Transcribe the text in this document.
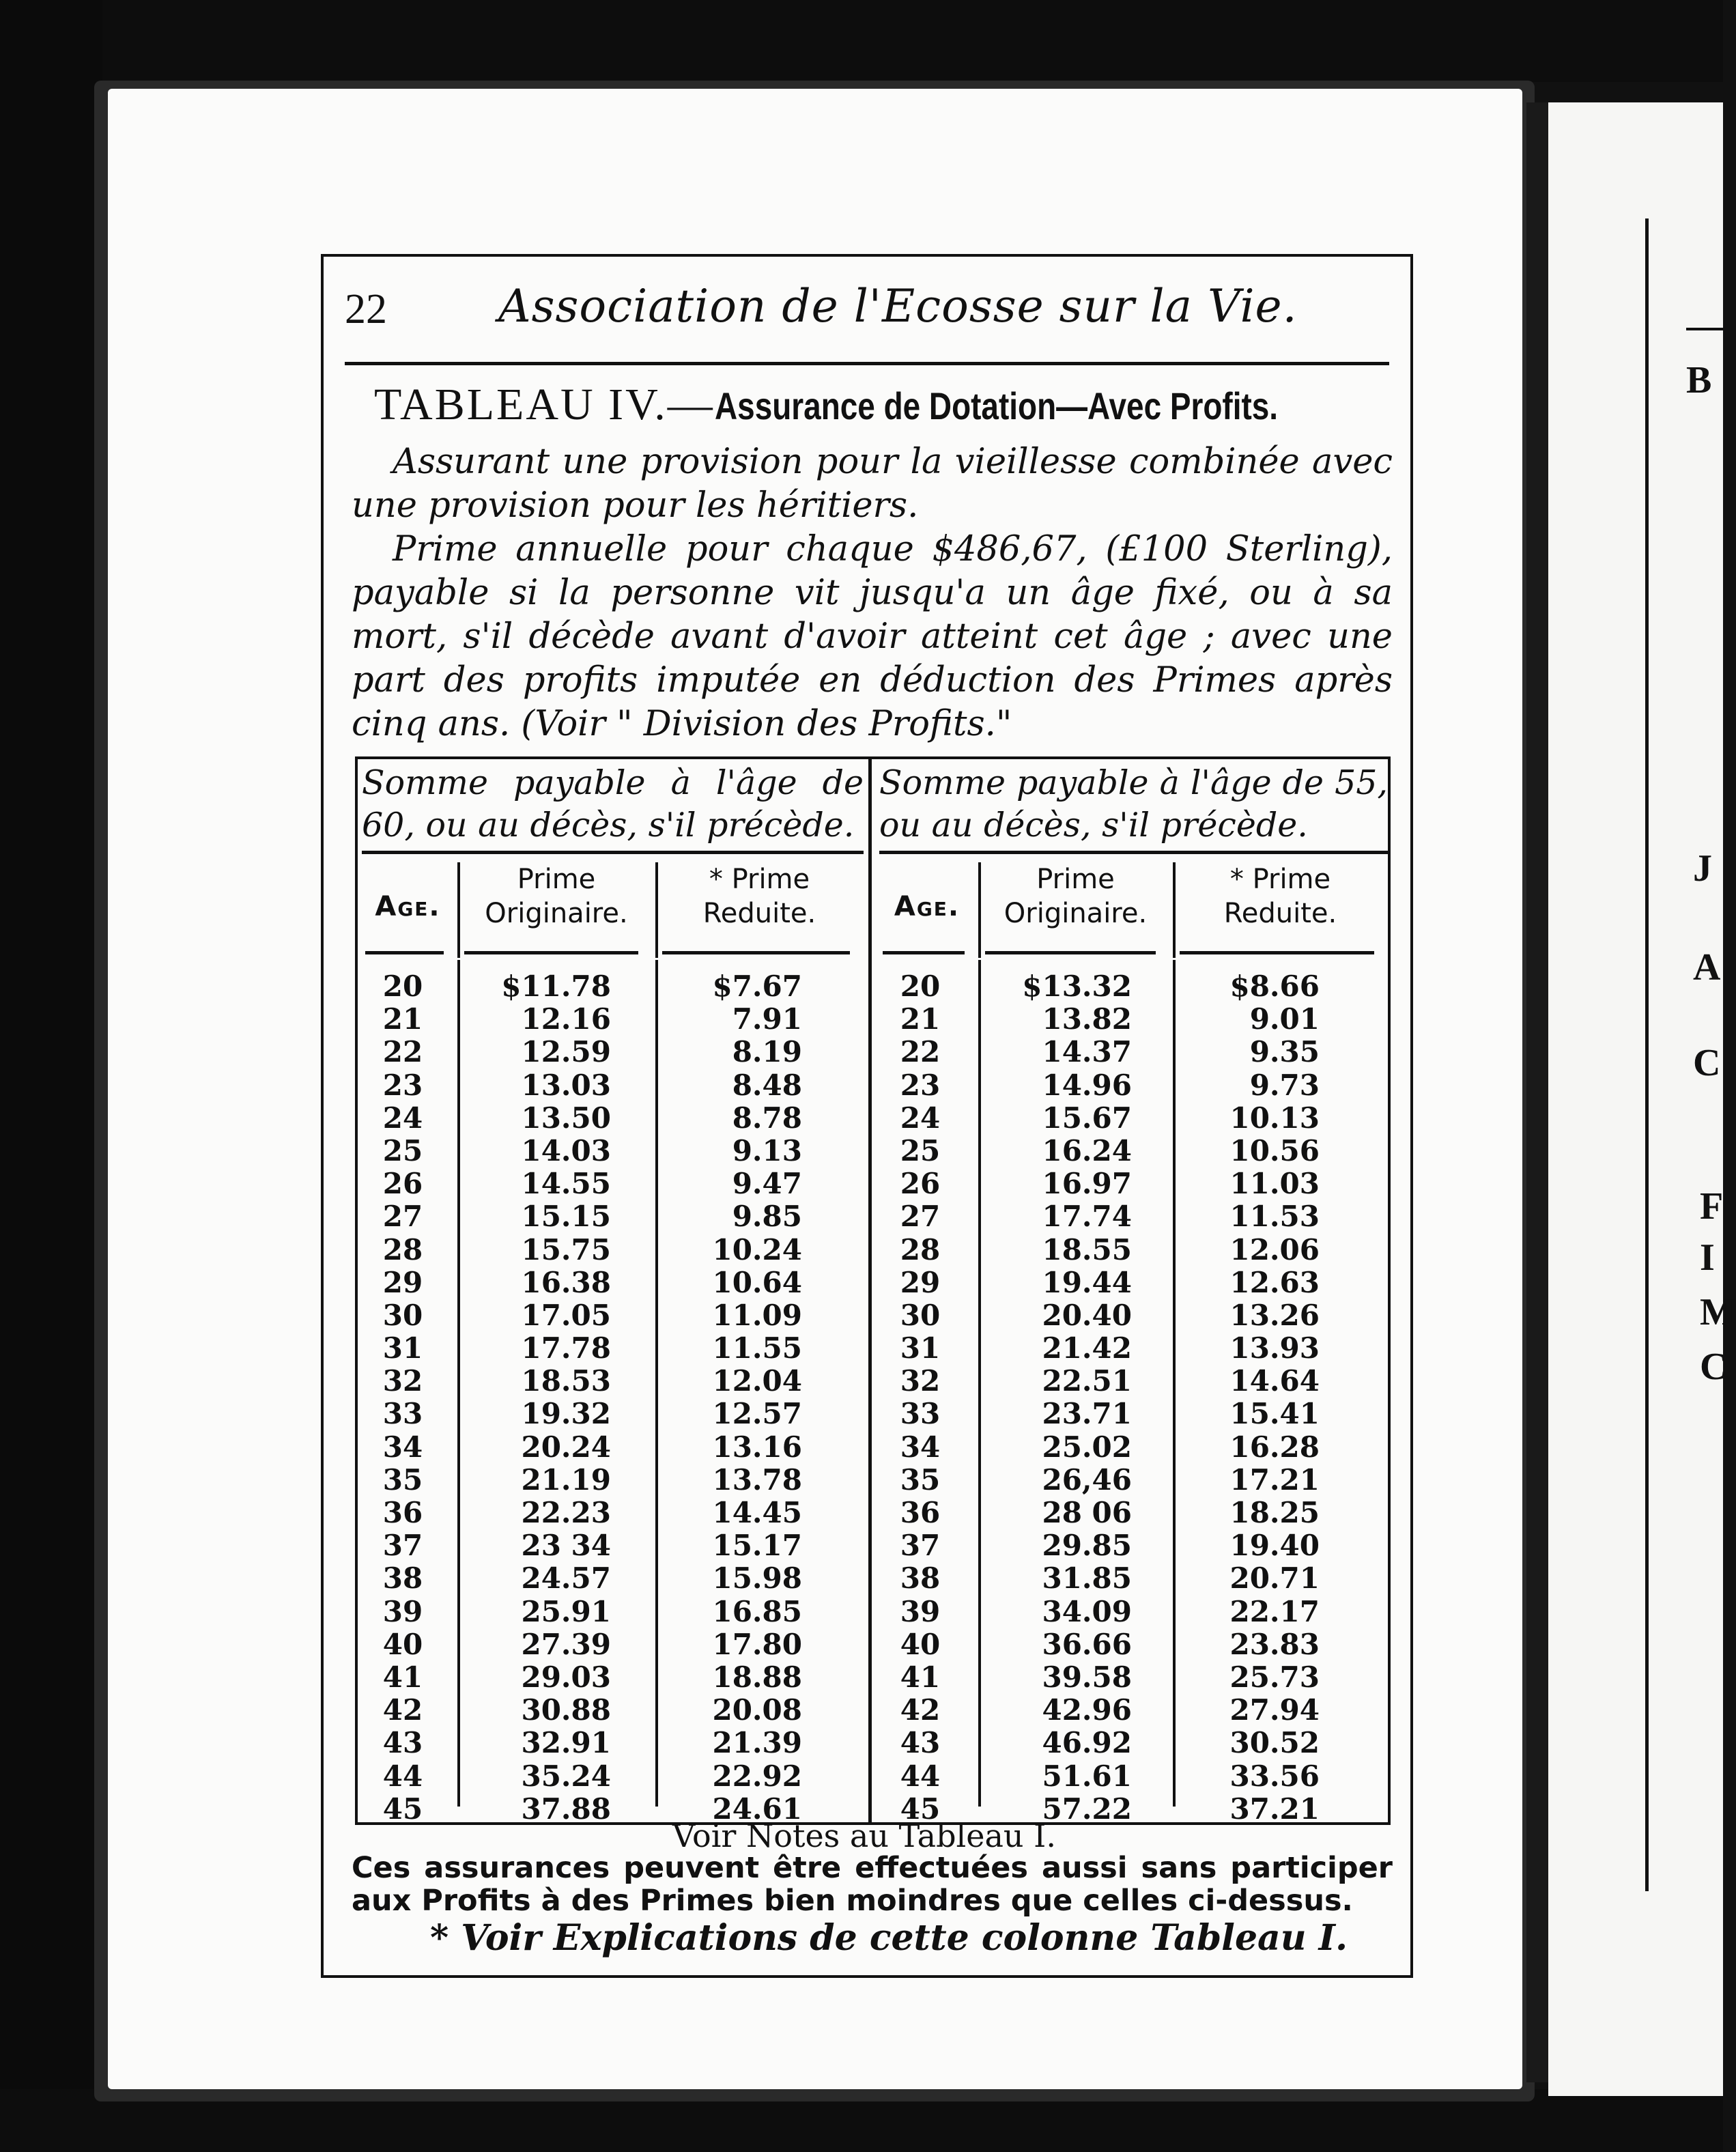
B
J
A
C
F
I
M
C
22 Association de l'Ecosse sur la Vie.
TABLEAU IV.—Assurance de Dotation—Avec Profits.

Assurant une provision pour la vieillesse combinée avec une provision pour les héritiers.

Prime annuelle pour chaque $486,67, (£100 Sterling), payable si la personne vit jusqu'a un âge fixé, ou à sa mort, s'il décède avant d'avoir atteint cet âge ; avec une part des profits imputée en déduction des Primes après cinq ans. (Voir " Division des Profits."

Somme payable à l'âge de 60, ou au décès, s'il précède.
Age.
Prime Originaire.
* Prime Reduite.
20	$11.78	$7.67
21	12.16	7.91
22	12.59	8.19
23	13.03	8.48
24	13.50	8.78
25	14.03	9.13
26	14.55	9.47
27	15.15	9.85
28	15.75	10.24
29	16.38	10.64
30	17.05	11.09
31	17.78	11.55
32	18.53	12.04
33	19.32	12.57
34	20.24	13.16
35	21.19	13.78
36	22.23	14.45
37	23 34	15.17
38	24.57	15.98
39	25.91	16.85
40	27.39	17.80
41	29.03	18.88
42	30.88	20.08
43	32.91	21.39
44	35.24	22.92
45	37.88	24.61
Somme payable à l'âge de 55, ou au décès, s'il précède.
Age.
Prime Originaire.
* Prime Reduite.
20	$13.32	$8.66
21	13.82	9.01
22	14.37	9.35
23	14.96	9.73
24	15.67	10.13
25	16.24	10.56
26	16.97	11.03
27	17.74	11.53
28	18.55	12.06
29	19.44	12.63
30	20.40	13.26
31	21.42	13.93
32	22.51	14.64
33	23.71	15.41
34	25.02	16.28
35	26,46	17.21
36	28 06	18.25
37	29.85	19.40
38	31.85	20.71
39	34.09	22.17
40	36.66	23.83
41	39.58	25.73
42	42.96	27.94
43	46.92	30.52
44	51.61	33.56
45	57.22	37.21
Voir Notes au Tableau I.
Ces assurances peuvent être effectuées aussi sans participer aux Profits à des Primes bien moindres que celles ci-dessus.
* Voir Explications de cette colonne Tableau I.
